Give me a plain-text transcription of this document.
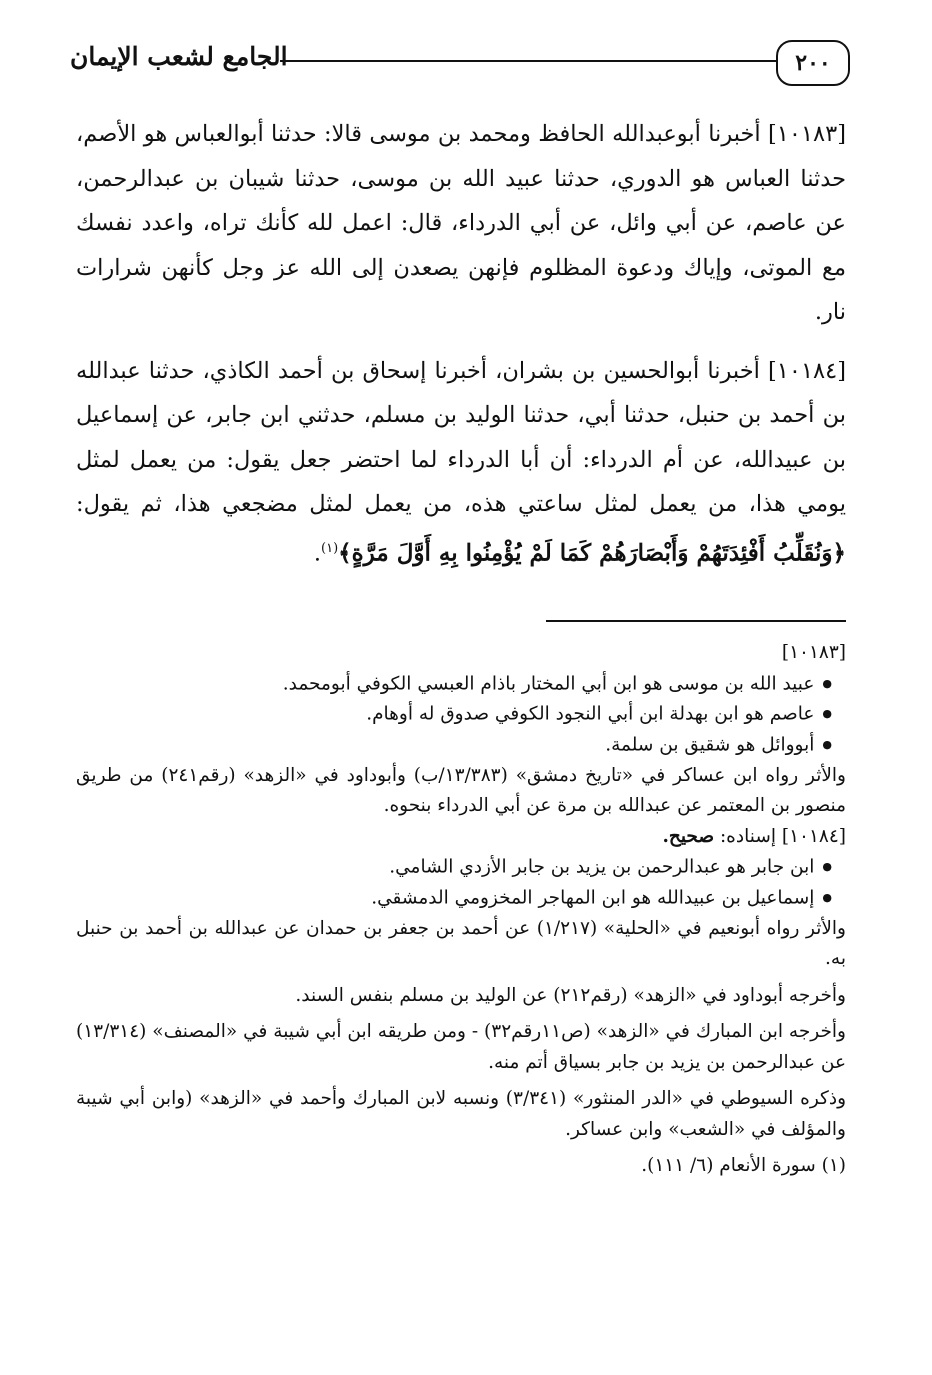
٢٠٠
الجامع لشعب الإيمان

[١٠١٨٣] أخبرنا أبوعبدالله الحافظ ومحمد بن موسى قالا: حدثنا أبوالعباس هو الأصم، حدثنا العباس هو الدوري، حدثنا عبيد الله بن موسى، حدثنا شيبان بن عبدالرحمن، عن عاصم، عن أبي وائل، عن أبي الدرداء، قال: اعمل لله كأنك تراه، واعدد نفسك مع الموتى، وإياك ودعوة المظلوم فإنهن يصعدن إلى الله عز وجل كأنهن شرارات نار.

[١٠١٨٤] أخبرنا أبوالحسين بن بشران، أخبرنا إسحاق بن أحمد الكاذي، حدثنا عبدالله بن أحمد بن حنبل، حدثنا أبي، حدثنا الوليد بن مسلم، حدثني ابن جابر، عن إسماعيل بن عبيدالله، عن أم الدرداء: أن أبا الدرداء لما احتضر جعل يقول: من يعمل لمثل يومي هذا، من يعمل لمثل ساعتي هذه، من يعمل لمثل مضجعي هذا، ثم يقول: ﴿وَنُقَلِّبُ أَفْئِدَتَهُمْ وَأَبْصَارَهُمْ كَمَا لَمْ يُؤْمِنُوا بِهِ أَوَّلَ مَرَّةٍ﴾$^{(١)}$.

[١٠١٨٣]

● عبيد الله بن موسى هو ابن أبي المختار باذام العبسي الكوفي أبومحمد.

● عاصم هو ابن بهدلة ابن أبي النجود الكوفي صدوق له أوهام.

● أبووائل هو شقيق بن سلمة.

والأثر رواه ابن عساكر في «تاريخ دمشق» (١٣/٣٨٣/ب) وأبوداود في «الزهد» (رقم٢٤١) من طريق منصور بن المعتمر عن عبدالله بن مرة عن أبي الدرداء بنحوه.

[١٠١٨٤] إسناده: صحيح.

● ابن جابر هو عبدالرحمن بن يزيد بن جابر الأزدي الشامي.

● إسماعيل بن عبيدالله هو ابن المهاجر المخزومي الدمشقي.

والأثر رواه أبونعيم في «الحلية» (١/٢١٧) عن أحمد بن جعفر بن حمدان عن عبدالله بن أحمد بن حنبل به.

وأخرجه أبوداود في «الزهد» (رقم٢١٢) عن الوليد بن مسلم بنفس السند.

وأخرجه ابن المبارك في «الزهد» (ص١١رقم٣٢) - ومن طريقه ابن أبي شيبة في «المصنف» (١٣/٣١٤) عن عبدالرحمن بن يزيد بن جابر بسياق أتم منه.

وذكره السيوطي في «الدر المنثور» (٣/٣٤١) ونسبه لابن المبارك وأحمد في «الزهد» (وابن أبي شيبة والمؤلف في «الشعب» وابن عساكر.

(١) سورة الأنعام (٦/ ١١١).
